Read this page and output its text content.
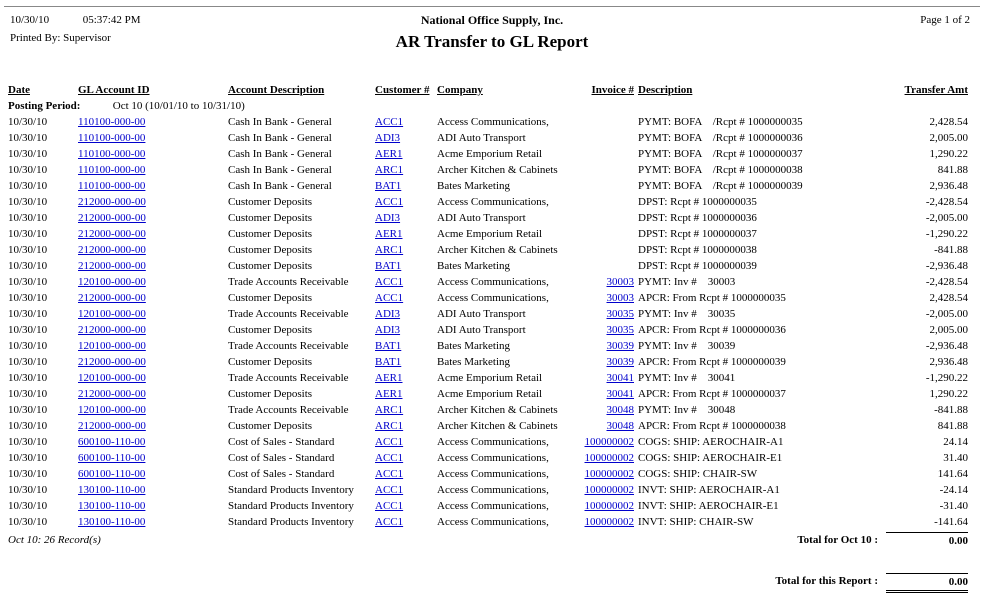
10/30/10	05:37:42 PM
Printed By: Supervisor
National Office Supply, Inc.
AR Transfer to GL Report
Page 1 of 2
Date	GL Account ID	Account Description	Customer # Company	Invoice # Description	Transfer Amt
Posting Period:	Oct 10 (10/01/10 to 10/31/10)
10/30/10	110100-000-00	Cash In Bank - General	ACC1	Access Communications,	PYMT: BOFA    /Rcpt # 1000000035	2,428.54
10/30/10	110100-000-00	Cash In Bank - General	ADI3	ADI Auto Transport	PYMT: BOFA    /Rcpt # 1000000036	2,005.00
10/30/10	110100-000-00	Cash In Bank - General	AER1	Acme Emporium Retail	PYMT: BOFA    /Rcpt # 1000000037	1,290.22
10/30/10	110100-000-00	Cash In Bank - General	ARC1	Archer Kitchen & Cabinets	PYMT: BOFA    /Rcpt # 1000000038	841.88
10/30/10	110100-000-00	Cash In Bank - General	BAT1	Bates Marketing	PYMT: BOFA    /Rcpt # 1000000039	2,936.48
10/30/10	212000-000-00	Customer Deposits	ACC1	Access Communications,	DPST: Rcpt # 1000000035	-2,428.54
10/30/10	212000-000-00	Customer Deposits	ADI3	ADI Auto Transport	DPST: Rcpt # 1000000036	-2,005.00
10/30/10	212000-000-00	Customer Deposits	AER1	Acme Emporium Retail	DPST: Rcpt # 1000000037	-1,290.22
10/30/10	212000-000-00	Customer Deposits	ARC1	Archer Kitchen & Cabinets	DPST: Rcpt # 1000000038	-841.88
10/30/10	212000-000-00	Customer Deposits	BAT1	Bates Marketing	DPST: Rcpt # 1000000039	-2,936.48
10/30/10	120100-000-00	Trade Accounts Receivable	ACC1	Access Communications,	30003 PYMT: Inv #    30003	-2,428.54
10/30/10	212000-000-00	Customer Deposits	ACC1	Access Communications,	30003 APCR: From Rcpt # 1000000035	2,428.54
10/30/10	120100-000-00	Trade Accounts Receivable	ADI3	ADI Auto Transport	30035 PYMT: Inv #    30035	-2,005.00
10/30/10	212000-000-00	Customer Deposits	ADI3	ADI Auto Transport	30035 APCR: From Rcpt # 1000000036	2,005.00
10/30/10	120100-000-00	Trade Accounts Receivable	BAT1	Bates Marketing	30039 PYMT: Inv #    30039	-2,936.48
10/30/10	212000-000-00	Customer Deposits	BAT1	Bates Marketing	30039 APCR: From Rcpt # 1000000039	2,936.48
10/30/10	120100-000-00	Trade Accounts Receivable	AER1	Acme Emporium Retail	30041 PYMT: Inv #    30041	-1,290.22
10/30/10	212000-000-00	Customer Deposits	AER1	Acme Emporium Retail	30041 APCR: From Rcpt # 1000000037	1,290.22
10/30/10	120100-000-00	Trade Accounts Receivable	ARC1	Archer Kitchen & Cabinets	30048 PYMT: Inv #    30048	-841.88
10/30/10	212000-000-00	Customer Deposits	ARC1	Archer Kitchen & Cabinets	30048 APCR: From Rcpt # 1000000038	841.88
10/30/10	600100-110-00	Cost of Sales - Standard	ACC1	Access Communications,	100000002 COGS: SHIP: AEROCHAIR-A1	24.14
10/30/10	600100-110-00	Cost of Sales - Standard	ACC1	Access Communications,	100000002 COGS: SHIP: AEROCHAIR-E1	31.40
10/30/10	600100-110-00	Cost of Sales - Standard	ACC1	Access Communications,	100000002 COGS: SHIP: CHAIR-SW	141.64
10/30/10	130100-110-00	Standard Products Inventory	ACC1	Access Communications,	100000002 INVT: SHIP: AEROCHAIR-A1	-24.14
10/30/10	130100-110-00	Standard Products Inventory	ACC1	Access Communications,	100000002 INVT: SHIP: AEROCHAIR-E1	-31.40
10/30/10	130100-110-00	Standard Products Inventory	ACC1	Access Communications,	100000002 INVT: SHIP: CHAIR-SW	-141.64
Oct 10: 26 Record(s)	Total for Oct 10 :	0.00
Total for this Report :	0.00
